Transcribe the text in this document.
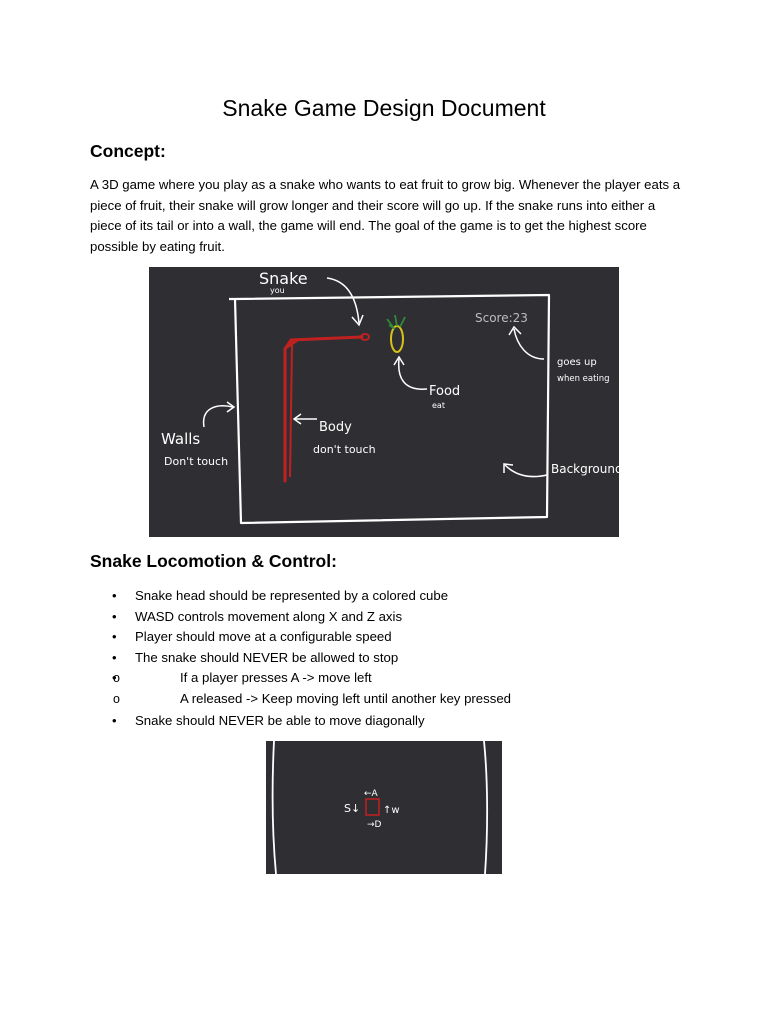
Snake Game Design Document
Concept:

A 3D game where you play as a snake who wants to eat fruit to grow big. Whenever the player eats a piece of fruit, their snake will grow longer and their score will go up. If the snake runs into either a piece of its tail or into a wall, the game will end. The goal of the game is to get the highest score possible by eating fruit.

Snake
you
Score:23
goes up
when eating
Food
eat
Body
don't touch
Walls
Don't touch
Background
Snake Locomotion & Control:
• Snake head should be represented by a colored cube
• WASD controls movement along X and Z axis
• Player should move at a configurable speed
• The snake should NEVER be allowed to stop
o • If a player presses A -> move left
o A released -> Keep moving left until another key pressed
• Snake should NEVER be able to move diagonally
←A
S↓ ↑w
→D
